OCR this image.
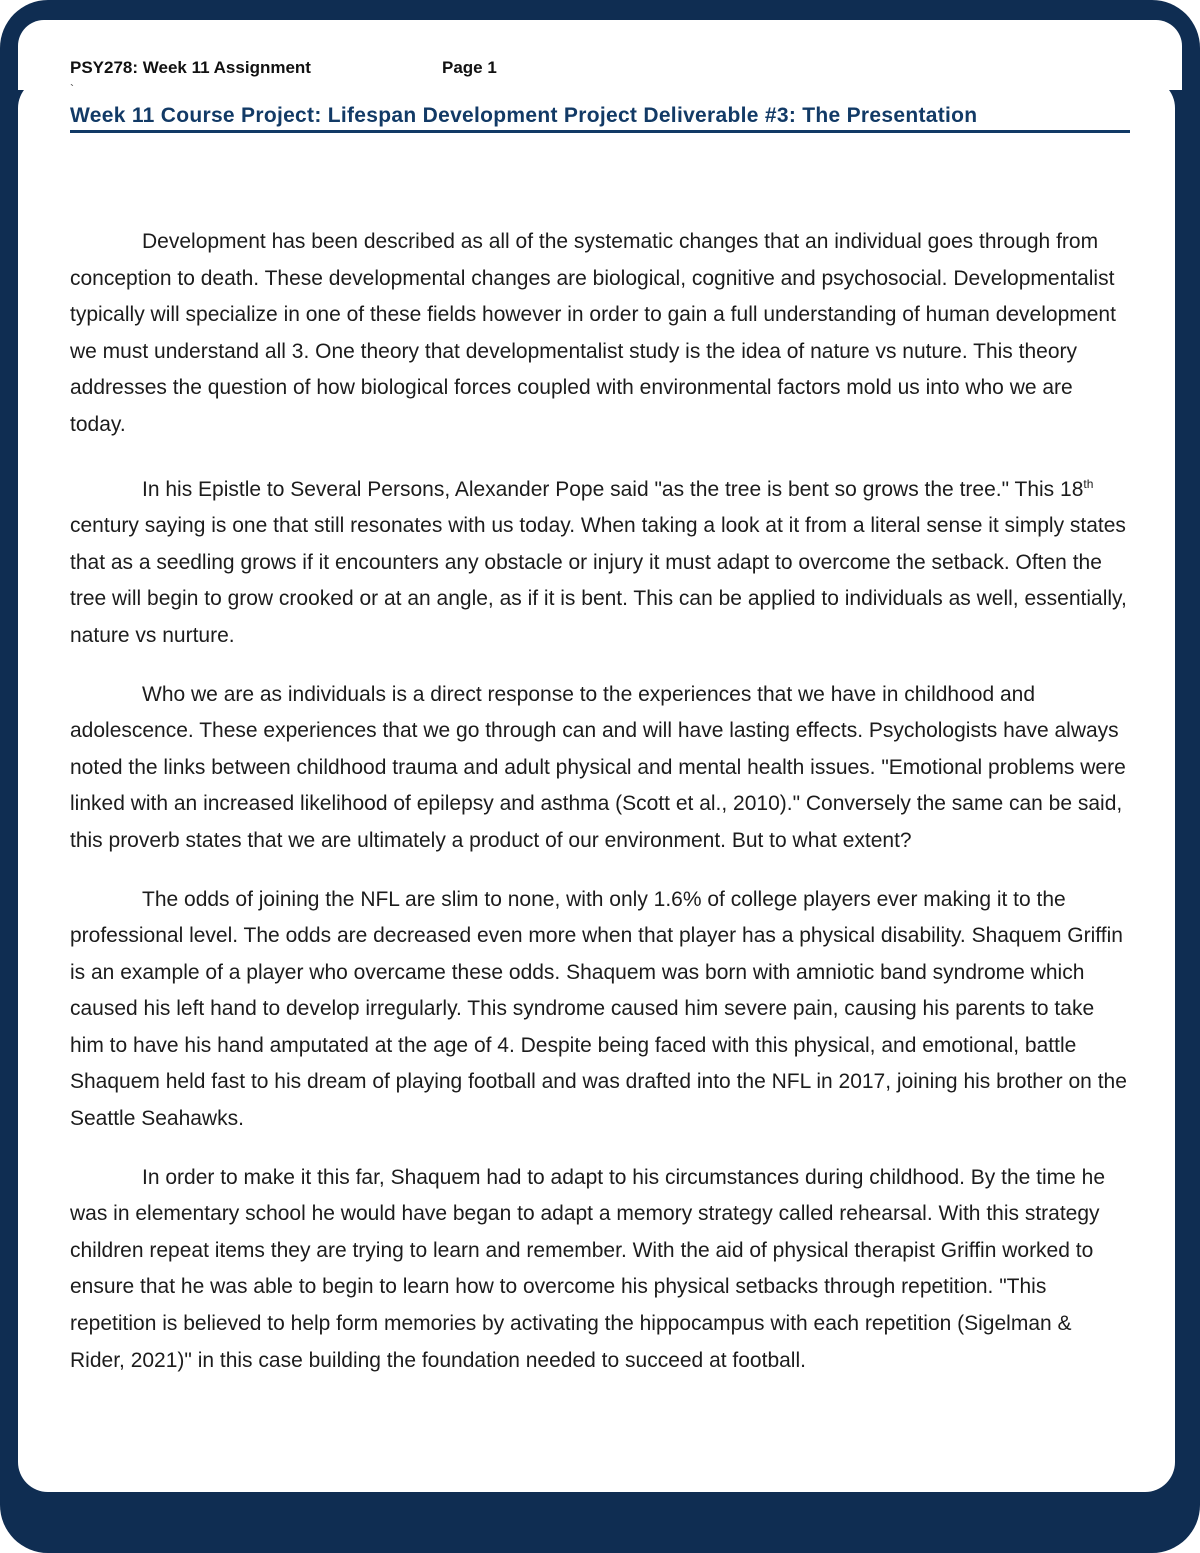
PSY278: Week 11 Assignment	Page 1
`
Week 11 Course Project: Lifespan Development Project Deliverable #3: The Presentation

Development has been described as all of the systematic changes that an individual goes through from conception to death. These developmental changes are biological, cognitive and psychosocial. Developmentalist typically will specialize in one of these fields however in order to gain a full understanding of human development we must understand all 3. One theory that developmentalist study is the idea of nature vs nuture. This theory addresses the question of how biological forces coupled with environmental factors mold us into who we are today.

In his Epistle to Several Persons, Alexander Pope said "as the tree is bent so grows the tree." This 18th century saying is one that still resonates with us today. When taking a look at it from a literal sense it simply states that as a seedling grows if it encounters any obstacle or injury it must adapt to overcome the setback. Often the tree will begin to grow crooked or at an angle, as if it is bent. This can be applied to individuals as well, essentially, nature vs nurture.

Who we are as individuals is a direct response to the experiences that we have in childhood and adolescence. These experiences that we go through can and will have lasting effects. Psychologists have always noted the links between childhood trauma and adult physical and mental health issues. "Emotional problems were linked with an increased likelihood of epilepsy and asthma (Scott et al., 2010)." Conversely the same can be said, this proverb states that we are ultimately a product of our environment. But to what extent?

The odds of joining the NFL are slim to none, with only 1.6% of college players ever making it to the professional level. The odds are decreased even more when that player has a physical disability. Shaquem Griffin is an example of a player who overcame these odds. Shaquem was born with amniotic band syndrome which caused his left hand to develop irregularly. This syndrome caused him severe pain, causing his parents to take him to have his hand amputated at the age of 4. Despite being faced with this physical, and emotional, battle Shaquem held fast to his dream of playing football and was drafted into the NFL in 2017, joining his brother on the Seattle Seahawks.

In order to make it this far, Shaquem had to adapt to his circumstances during childhood. By the time he was in elementary school he would have began to adapt a memory strategy called rehearsal. With this strategy children repeat items they are trying to learn and remember. With the aid of physical therapist Griffin worked to ensure that he was able to begin to learn how to overcome his physical setbacks through repetition. "This repetition is believed to help form memories by activating the hippocampus with each repetition (Sigelman & Rider, 2021)" in this case building the foundation needed to succeed at football.
